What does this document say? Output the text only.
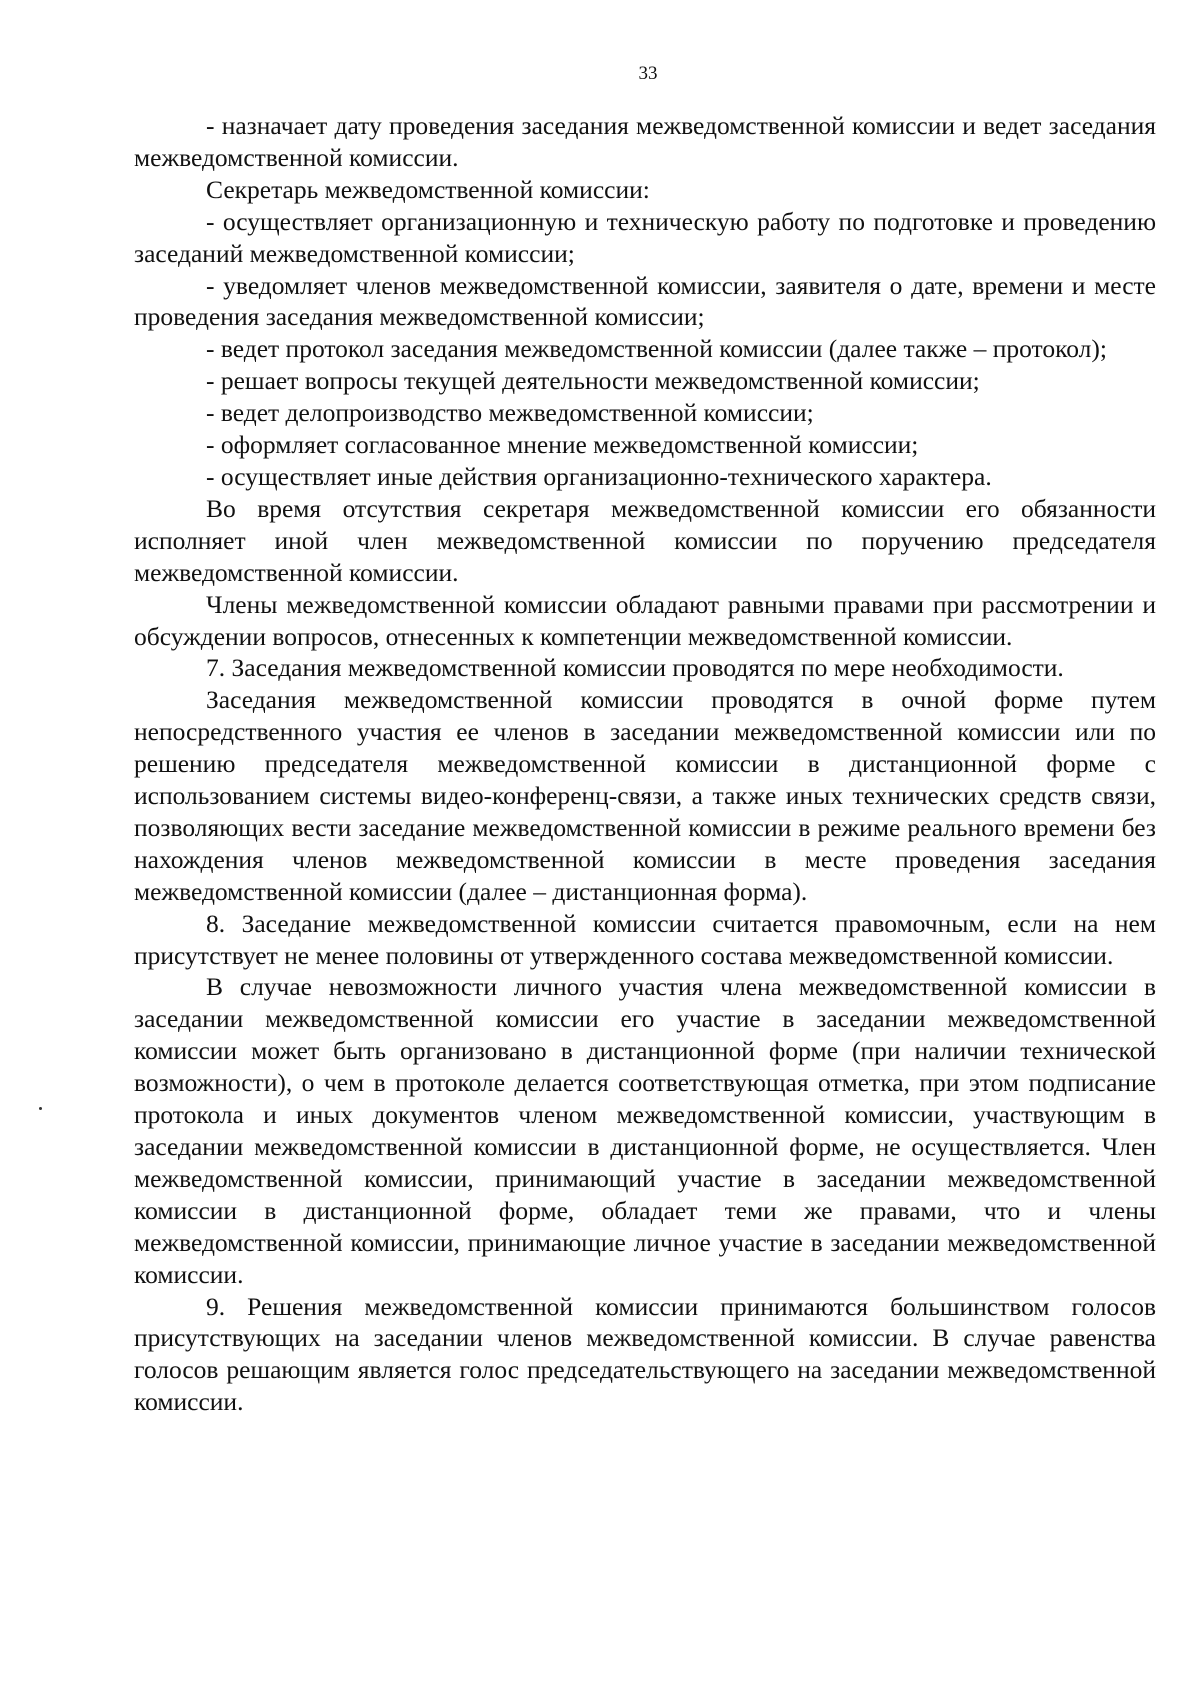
33

- назначает дату проведения заседания межведомственной комиссии и ведет заседания межведомственной комиссии.

Секретарь межведомственной комиссии:

- осуществляет организационную и техническую работу по подготовке и проведению заседаний межведомственной комиссии;

- уведомляет членов межведомственной комиссии, заявителя о дате, времени и месте проведения заседания межведомственной комиссии;

- ведет протокол заседания межведомственной комиссии (далее также – протокол);

- решает вопросы текущей деятельности межведомственной комиссии;

- ведет делопроизводство межведомственной комиссии;

- оформляет согласованное мнение межведомственной комиссии;

- осуществляет иные действия организационно-технического характера.

Во время отсутствия секретаря межведомственной комиссии его обязанности исполняет иной член межведомственной комиссии по поручению председателя межведомственной комиссии.

Члены межведомственной комиссии обладают равными правами при рассмотрении и обсуждении вопросов, отнесенных к компетенции межведомственной комиссии.

7. Заседания межведомственной комиссии проводятся по мере необходимости.

Заседания межведомственной комиссии проводятся в очной форме путем непосредственного участия ее членов в заседании межведомственной комиссии или по решению председателя межведомственной комиссии в дистанционной форме с использованием системы видео-конференц-связи, а также иных технических средств связи, позволяющих вести заседание межведомственной комиссии в режиме реального времени без нахождения членов межведомственной комиссии в месте проведения заседания межведомственной комиссии (далее – дистанционная форма).

8. Заседание межведомственной комиссии считается правомочным, если на нем присутствует не менее половины от утвержденного состава межведомственной комиссии.

В случае невозможности личного участия члена межведомственной комиссии в заседании межведомственной комиссии его участие в заседании межведомственной комиссии может быть организовано в дистанционной форме (при наличии технической возможности), о чем в протоколе делается соответствующая отметка, при этом подписание протокола и иных документов членом межведомственной комиссии, участвующим в заседании межведомственной комиссии в дистанционной форме, не осуществляется. Член межведомственной комиссии, принимающий участие в заседании межведомственной комиссии в дистанционной форме, обладает теми же правами, что и члены межведомственной комиссии, принимающие личное участие в заседании межведомственной комиссии.

9. Решения межведомственной комиссии принимаются большинством голосов присутствующих на заседании членов межведомственной комиссии. В случае равенства голосов решающим является голос председательствующего на заседании межведомственной комиссии.
